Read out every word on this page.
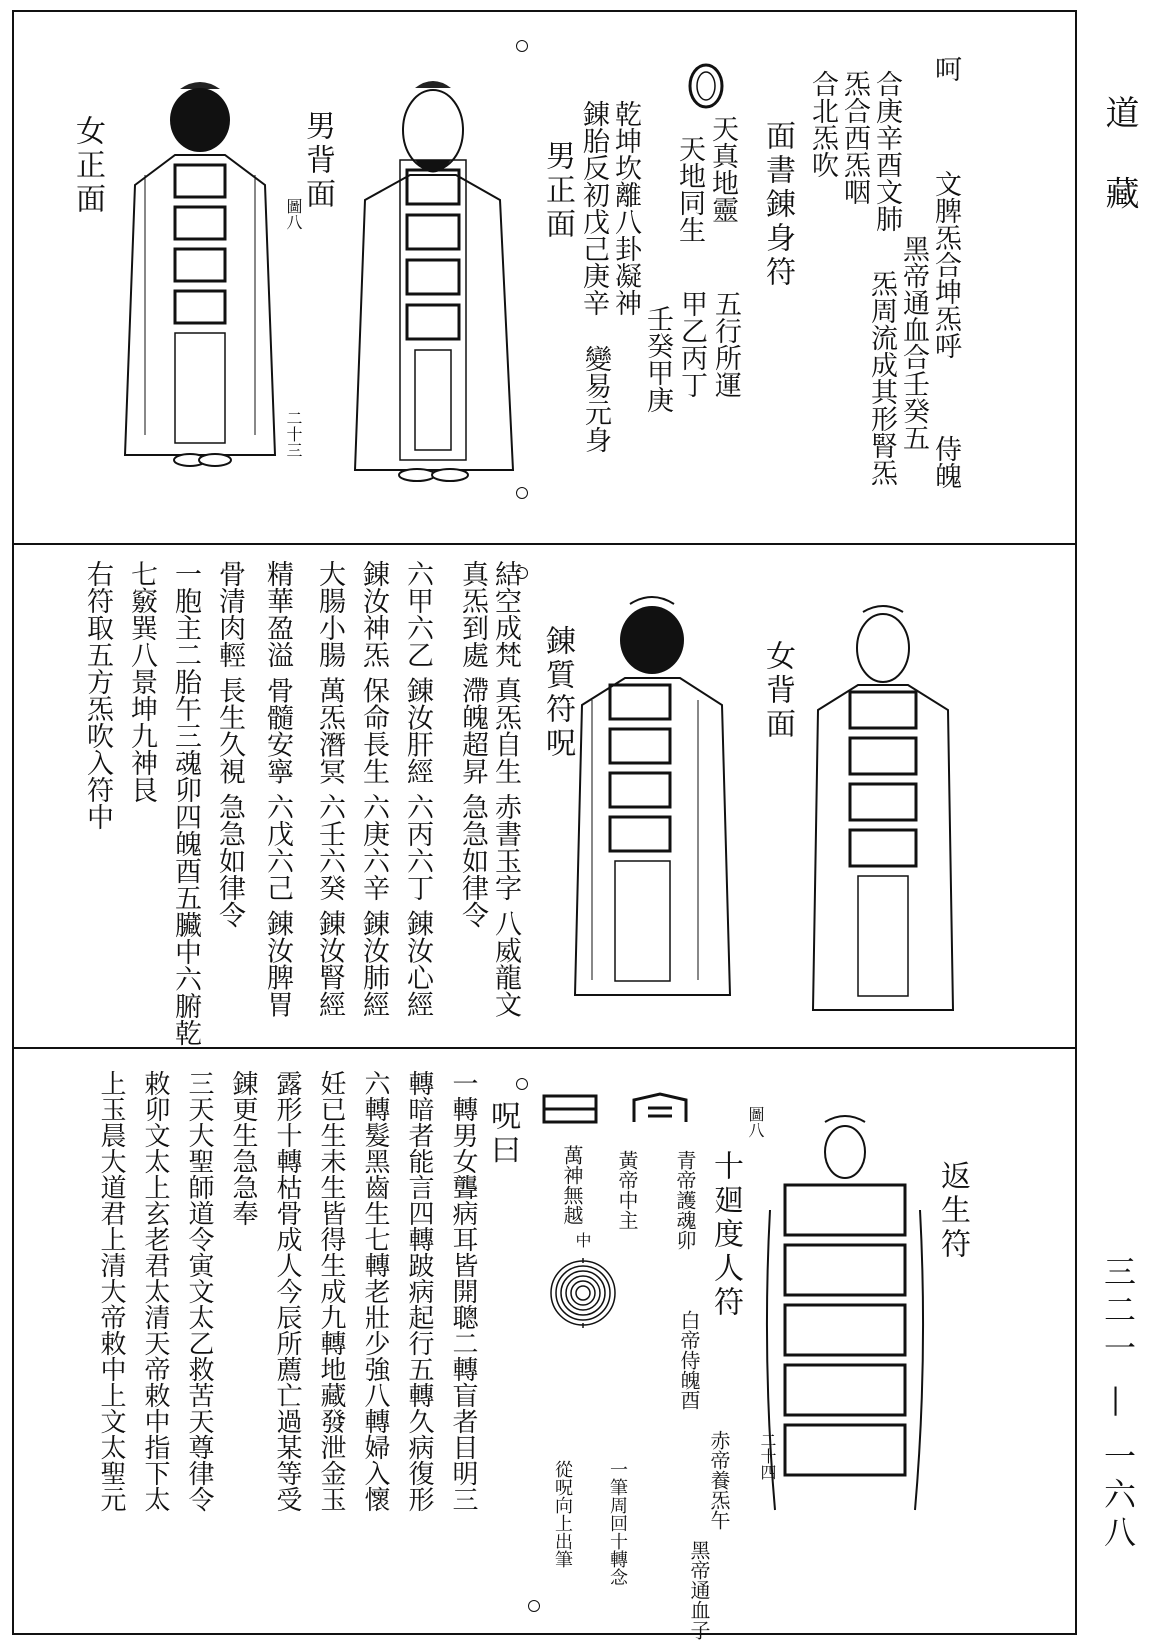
道 藏
三二一 — 一六八
合北炁吹 炁合西炁咽 合庚辛酉文肺
呵
文脾炁合坤炁呼
黑帝通血合壬癸五
炁周流成其形腎炁 侍魄
面書錬身符
天真地靈
天地同生
五行所運
甲乙丙丁
壬癸甲庚
乾坤坎離八卦凝神
錬胎反初戊己庚辛
變易元身
男正面
男背面
女正面	圖八
二十三
女背面
錬質符呪
結空成梵 真炁自生 赤書玉字 八威龍文
真炁到處 滯魄超昇 急急如律令
六甲六乙 錬汝肝經 六丙六丁 錬汝心經
錬汝神炁 保命長生 六庚六辛 錬汝肺經
大腸小腸 萬炁潛冥 六壬六癸 錬汝腎經
精華盈溢 骨髓安寧 六戊六己 錬汝脾胃
骨清肉輕 長生久視 急急如律令
一胞主二胎午三魂卯四魄酉五臟中六腑乾
七竅巽八景坤九神艮
右符取五方炁吹入符中
返生符
二十四
圖八
十廻度人符
青帝護魂卯
白帝侍魄酉
赤帝養炁午
黑帝通血子
黃帝中主
萬神無越
一筆周回十轉念
從呪向上出筆
中
呪曰
一轉男女聾病耳皆開聰二轉盲者目明三
轉暗者能言四轉跛病起行五轉久病復形
六轉髮黑齒生七轉老壯少強八轉婦入懷
妊已生未生皆得生成九轉地藏發泄金玉
露形十轉枯骨成人今辰所薦亡過某等受
錬更生急急奉
三天大聖師道令寅文太乙救苦天尊律令
敕卯文太上玄老君太清天帝敕中指下太
上玉晨大道君上清大帝敕中上文太聖元
